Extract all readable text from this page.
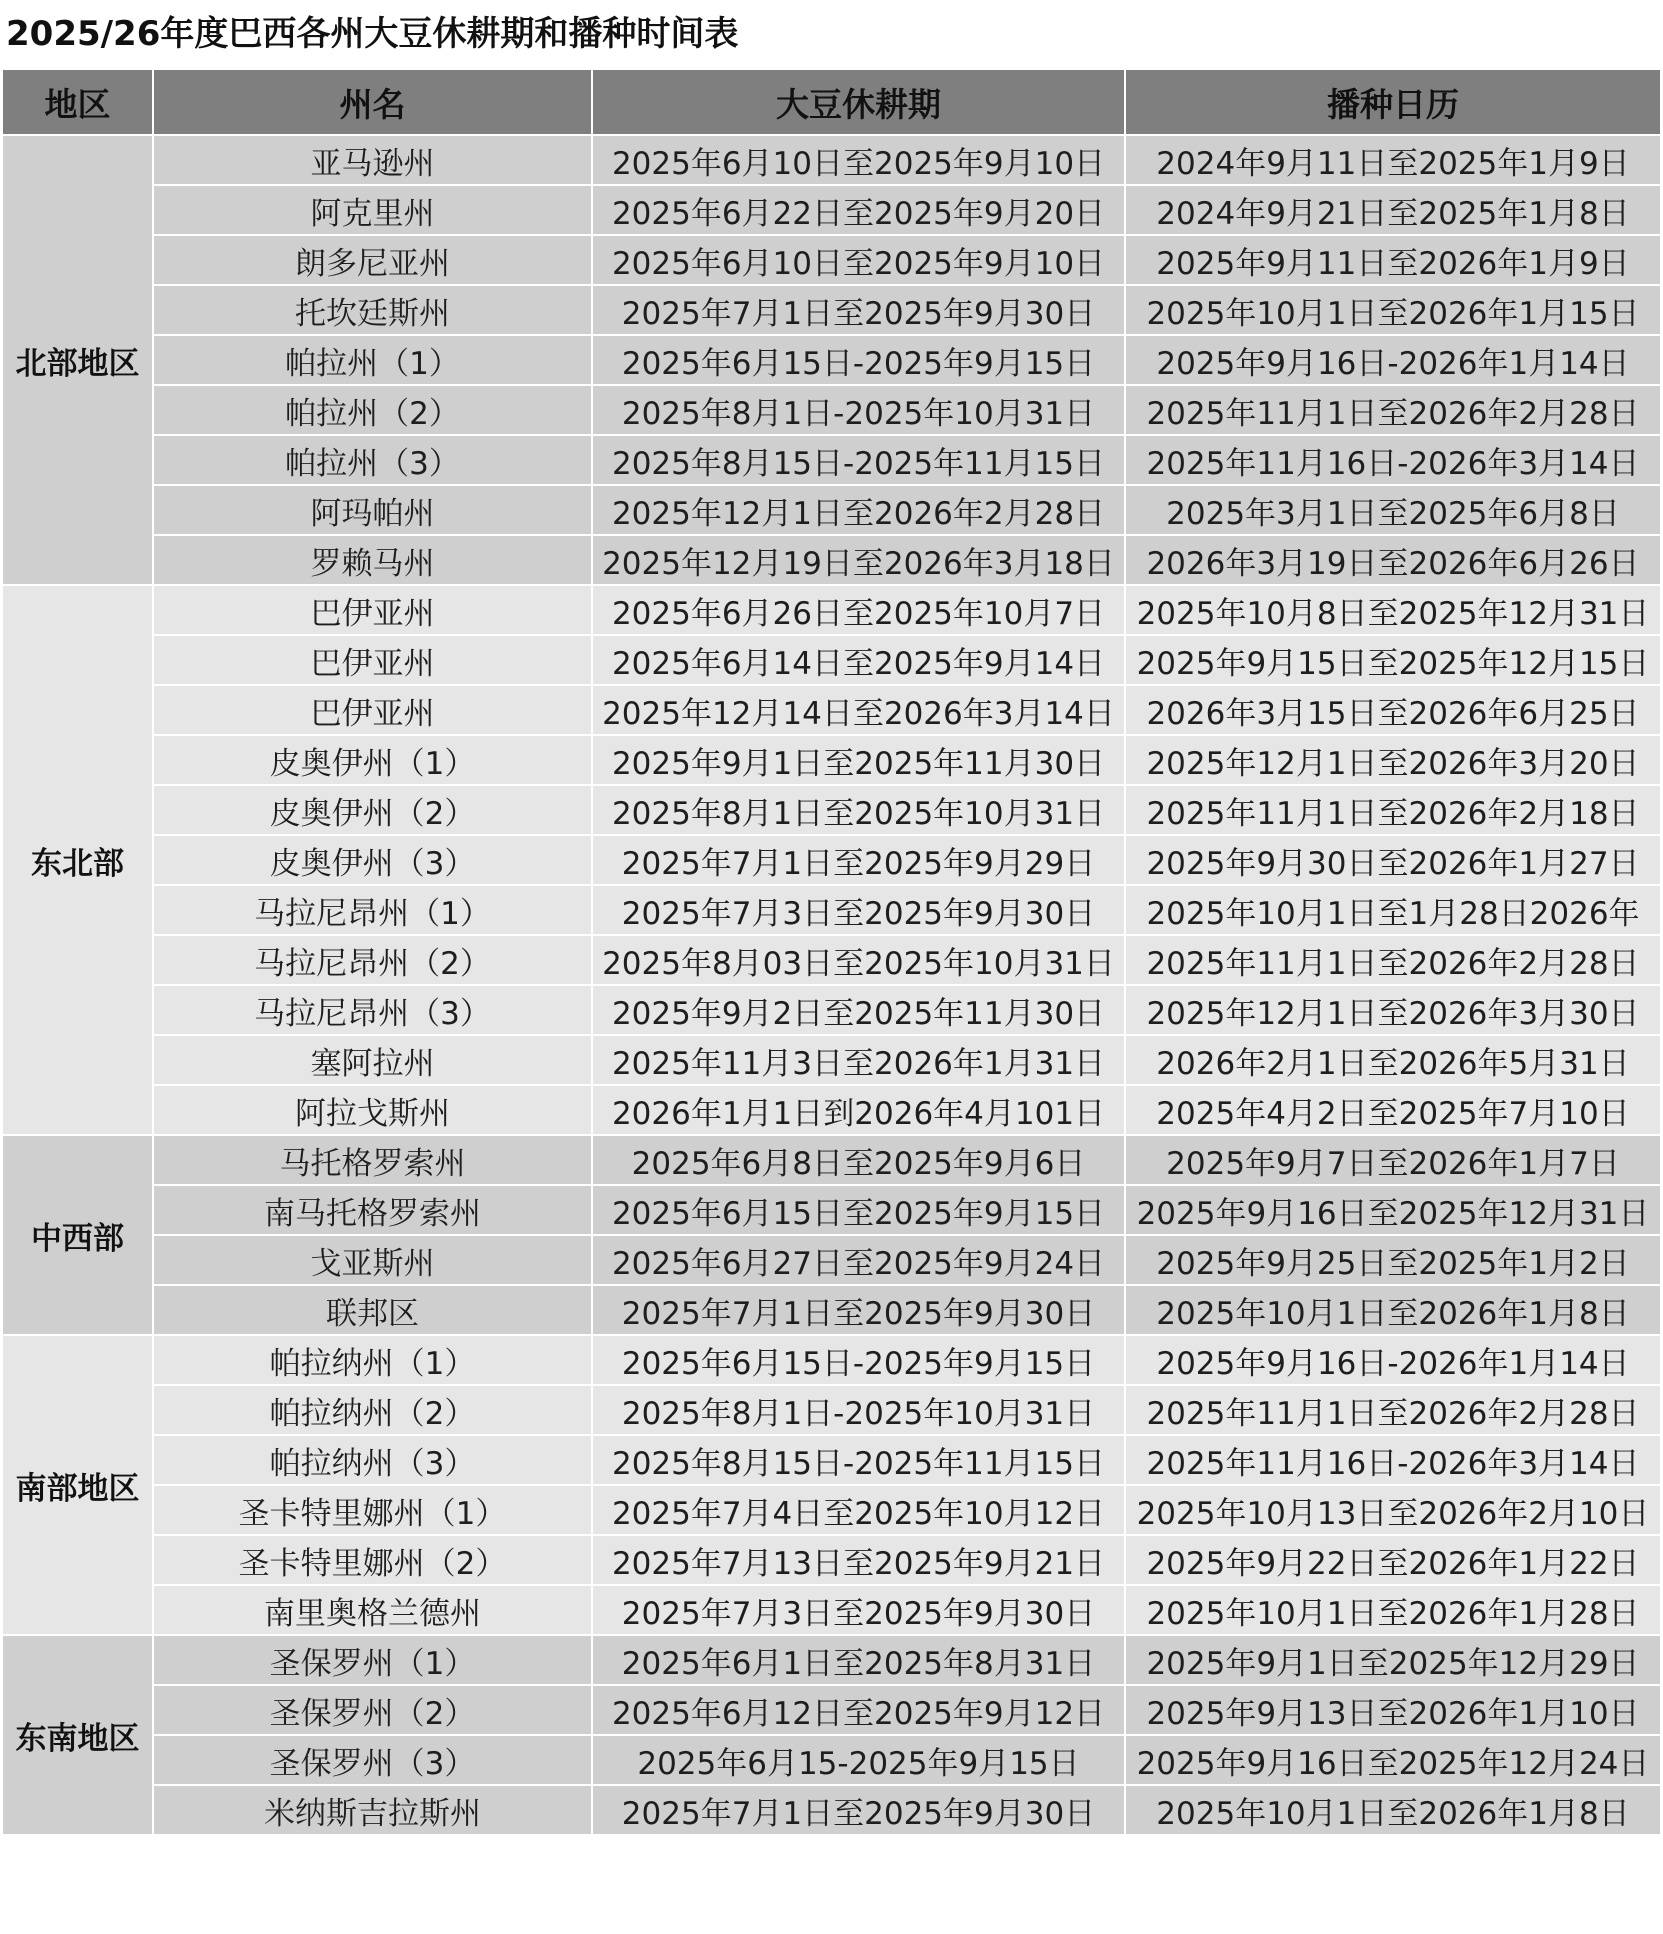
2025/26年度巴西各州大豆休耕期和播种时间表
地区	州名	大豆休耕期	播种日历
北部地区	亚马逊州	2025年6月10日至2025年9月10日	2024年9月11日至2025年1月9日
	阿克里州	2025年6月22日至2025年9月20日	2024年9月21日至2025年1月8日
	朗多尼亚州	2025年6月10日至2025年9月10日	2025年9月11日至2026年1月9日
	托坎廷斯州	2025年7月1日至2025年9月30日	2025年10月1日至2026年1月15日
	帕拉州（1）	2025年6月15日-2025年9月15日	2025年9月16日-2026年1月14日
	帕拉州（2）	2025年8月1日-2025年10月31日	2025年11月1日至2026年2月28日
	帕拉州（3）	2025年8月15日-2025年11月15日	2025年11月16日-2026年3月14日
	阿玛帕州	2025年12月1日至2026年2月28日	2025年3月1日至2025年6月8日
	罗赖马州	2025年12月19日至2026年3月18日	2026年3月19日至2026年6月26日
东北部	巴伊亚州	2025年6月26日至2025年10月7日	2025年10月8日至2025年12月31日
	巴伊亚州	2025年6月14日至2025年9月14日	2025年9月15日至2025年12月15日
	巴伊亚州	2025年12月14日至2026年3月14日	2026年3月15日至2026年6月25日
	皮奥伊州（1）	2025年9月1日至2025年11月30日	2025年12月1日至2026年3月20日
	皮奥伊州（2）	2025年8月1日至2025年10月31日	2025年11月1日至2026年2月18日
	皮奥伊州（3）	2025年7月1日至2025年9月29日	2025年9月30日至2026年1月27日
	马拉尼昂州（1）	2025年7月3日至2025年9月30日	2025年10月1日至1月28日2026年
	马拉尼昂州（2）	2025年8月03日至2025年10月31日	2025年11月1日至2026年2月28日
	马拉尼昂州（3）	2025年9月2日至2025年11月30日	2025年12月1日至2026年3月30日
	塞阿拉州	2025年11月3日至2026年1月31日	2026年2月1日至2026年5月31日
	阿拉戈斯州	2026年1月1日到2026年4月101日	2025年4月2日至2025年7月10日
中西部	马托格罗索州	2025年6月8日至2025年9月6日	2025年9月7日至2026年1月7日
	南马托格罗索州	2025年6月15日至2025年9月15日	2025年9月16日至2025年12月31日
	戈亚斯州	2025年6月27日至2025年9月24日	2025年9月25日至2025年1月2日
	联邦区	2025年7月1日至2025年9月30日	2025年10月1日至2026年1月8日
南部地区	帕拉纳州（1）	2025年6月15日-2025年9月15日	2025年9月16日-2026年1月14日
	帕拉纳州（2）	2025年8月1日-2025年10月31日	2025年11月1日至2026年2月28日
	帕拉纳州（3）	2025年8月15日-2025年11月15日	2025年11月16日-2026年3月14日
	圣卡特里娜州（1）	2025年7月4日至2025年10月12日	2025年10月13日至2026年2月10日
	圣卡特里娜州（2）	2025年7月13日至2025年9月21日	2025年9月22日至2026年1月22日
	南里奥格兰德州	2025年7月3日至2025年9月30日	2025年10月1日至2026年1月28日
东南地区	圣保罗州（1）	2025年6月1日至2025年8月31日	2025年9月1日至2025年12月29日
	圣保罗州（2）	2025年6月12日至2025年9月12日	2025年9月13日至2026年1月10日
	圣保罗州（3）	2025年6月15-2025年9月15日	2025年9月16日至2025年12月24日
	米纳斯吉拉斯州	2025年7月1日至2025年9月30日	2025年10月1日至2026年1月8日
